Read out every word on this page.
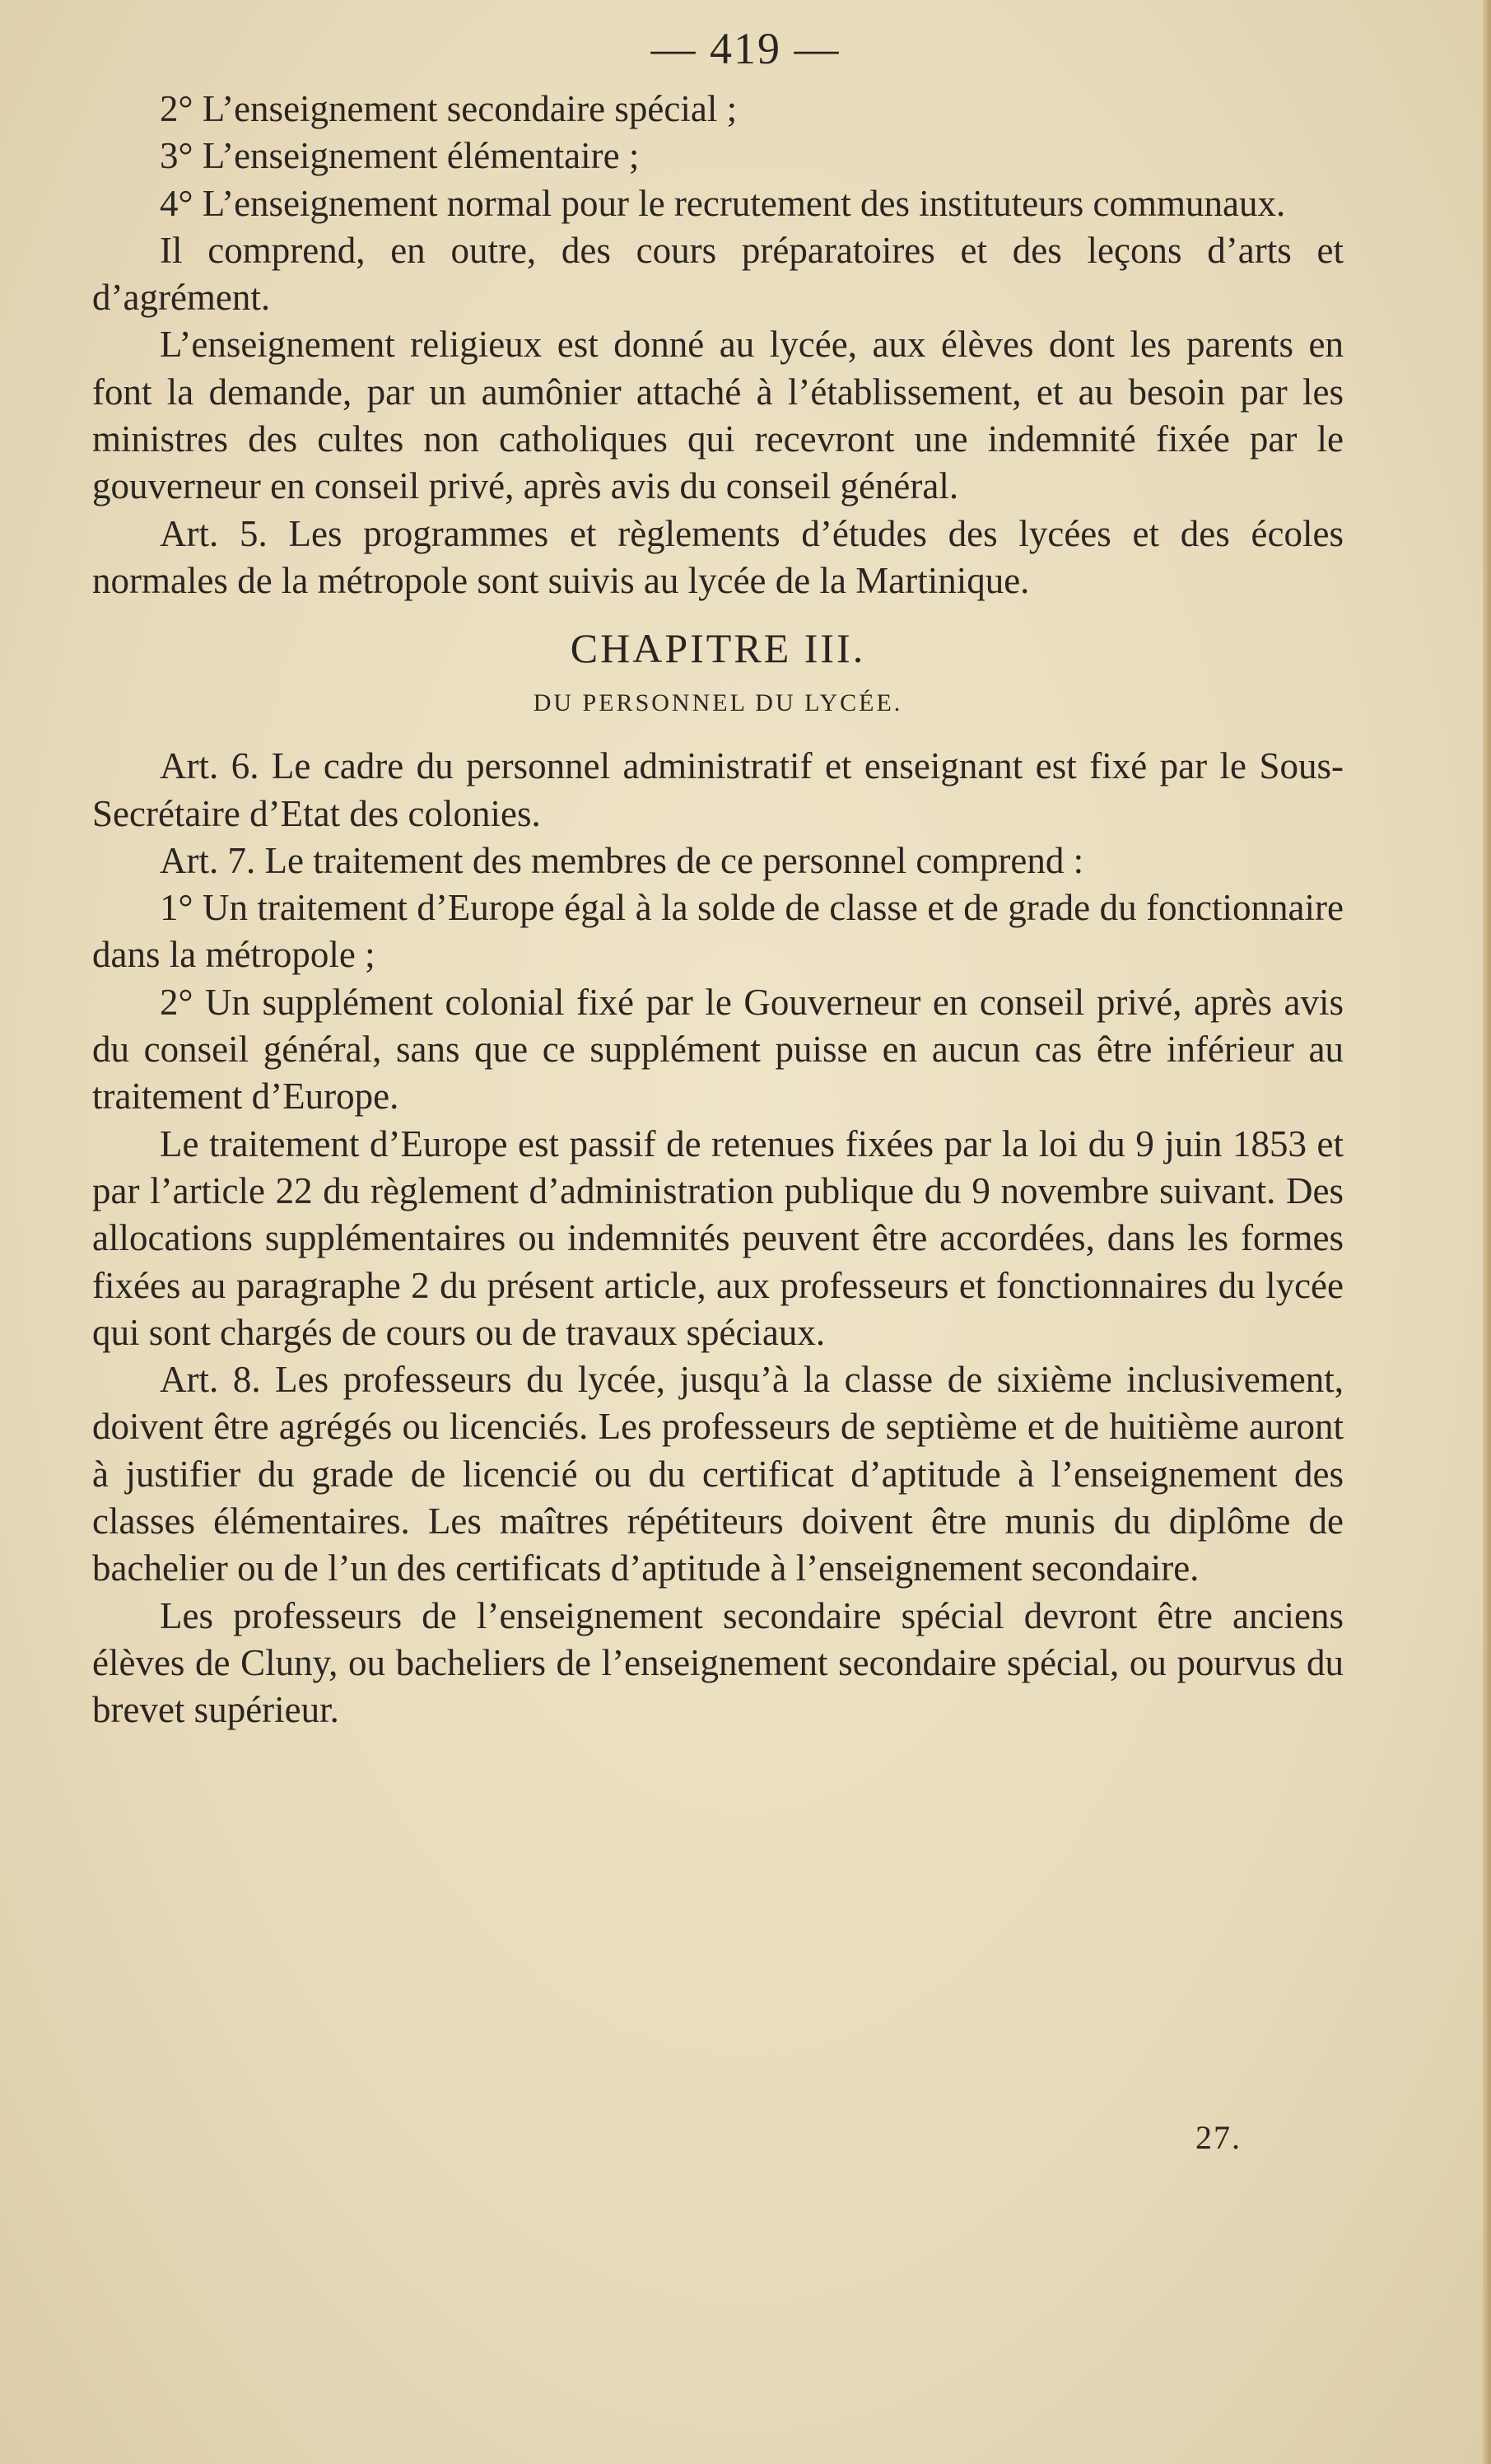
— 419 —

2° L’enseignement secondaire spécial ;

3° L’enseignement élémentaire ;

4° L’enseignement normal pour le recrutement des instituteurs communaux.

Il comprend, en outre, des cours préparatoires et des leçons d’arts et d’agrément.

L’enseignement religieux est donné au lycée, aux élèves dont les parents en font la demande, par un aumônier attaché à l’établissement, et au besoin par les ministres des cultes non catholiques qui recevront une indemnité fixée par le gouverneur en conseil privé, après avis du conseil général.

Art. 5. Les programmes et règlements d’études des lycées et des écoles normales de la métropole sont suivis au lycée de la Martinique.

CHAPITRE III.
DU PERSONNEL DU LYCÉE.

Art. 6. Le cadre du personnel administratif et enseignant est fixé par le Sous-Secrétaire d’Etat des colonies.

Art. 7. Le traitement des membres de ce personnel comprend :

1° Un traitement d’Europe égal à la solde de classe et de grade du fonctionnaire dans la métropole ;

2° Un supplément colonial fixé par le Gouverneur en conseil privé, après avis du conseil général, sans que ce supplément puisse en aucun cas être inférieur au traitement d’Europe.

Le traitement d’Europe est passif de retenues fixées par la loi du 9 juin 1853 et par l’article 22 du règlement d’administration publique du 9 novembre suivant. Des allocations supplémentaires ou indemnités peuvent être accordées, dans les formes fixées au paragraphe 2 du présent article, aux professeurs et fonctionnaires du lycée qui sont chargés de cours ou de travaux spéciaux.

Art. 8. Les professeurs du lycée, jusqu’à la classe de sixième inclusivement, doivent être agrégés ou licenciés. Les professeurs de septième et de huitième auront à justifier du grade de licencié ou du certificat d’aptitude à l’enseignement des classes élémentaires. Les maîtres répétiteurs doivent être munis du diplôme de bachelier ou de l’un des certificats d’aptitude à l’enseignement secondaire.

Les professeurs de l’enseignement secondaire spécial devront être anciens élèves de Cluny, ou bacheliers de l’enseignement secondaire spécial, ou pourvus du brevet supérieur.

27.
